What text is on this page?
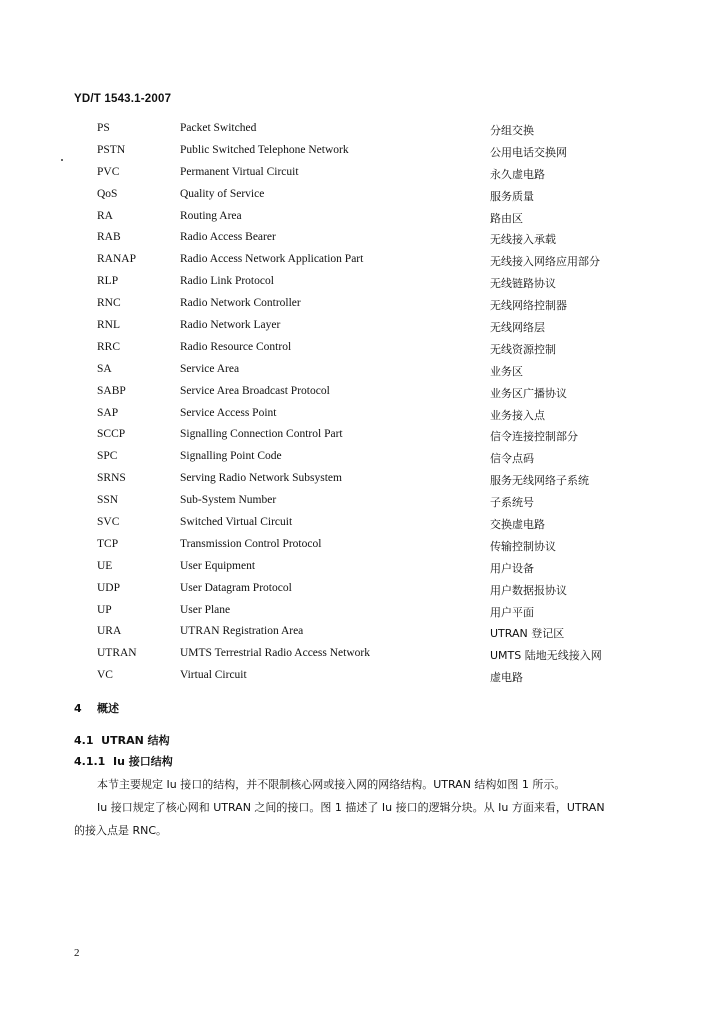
YD/T 1543.1-2007
PS	Packet Switched	分组交换
PSTN	Public Switched Telephone Network	公用电话交换网
PVC	Permanent Virtual Circuit	永久虚电路
QoS	Quality of Service	服务质量
RA	Routing Area	路由区
RAB	Radio Access Bearer	无线接入承载
RANAP	Radio Access Network Application Part	无线接入网络应用部分
RLP	Radio Link Protocol	无线链路协议
RNC	Radio Network Controller	无线网络控制器
RNL	Radio Network Layer	无线网络层
RRC	Radio Resource Control	无线资源控制
SA	Service Area	业务区
SABP	Service Area Broadcast Protocol	业务区广播协议
SAP	Service Access Point	业务接入点
SCCP	Signalling Connection Control Part	信令连接控制部分
SPC	Signalling Point Code	信令点码
SRNS	Serving Radio Network Subsystem	服务无线网络子系统
SSN	Sub-System Number	子系统号
SVC	Switched Virtual Circuit	交换虚电路
TCP	Transmission Control Protocol	传输控制协议
UE	User Equipment	用户设备
UDP	User Datagram Protocol	用户数据报协议
UP	User Plane	用户平面
URA	UTRAN Registration Area	UTRAN 登记区
UTRAN	UMTS Terrestrial Radio Access Network	UMTS 陆地无线接入网
VC	Virtual Circuit	虚电路
4 概述
4.1 UTRAN 结构
4.1.1 Iu 接口结构
本节主要规定 Iu 接口的结构，并不限制核心网或接入网的网络结构。UTRAN 结构如图 1 所示。
Iu 接口规定了核心网和 UTRAN 之间的接口。图 1 描述了 Iu 接口的逻辑分块。从 Iu 方面来看，UTRAN
的接入点是 RNC。
2
